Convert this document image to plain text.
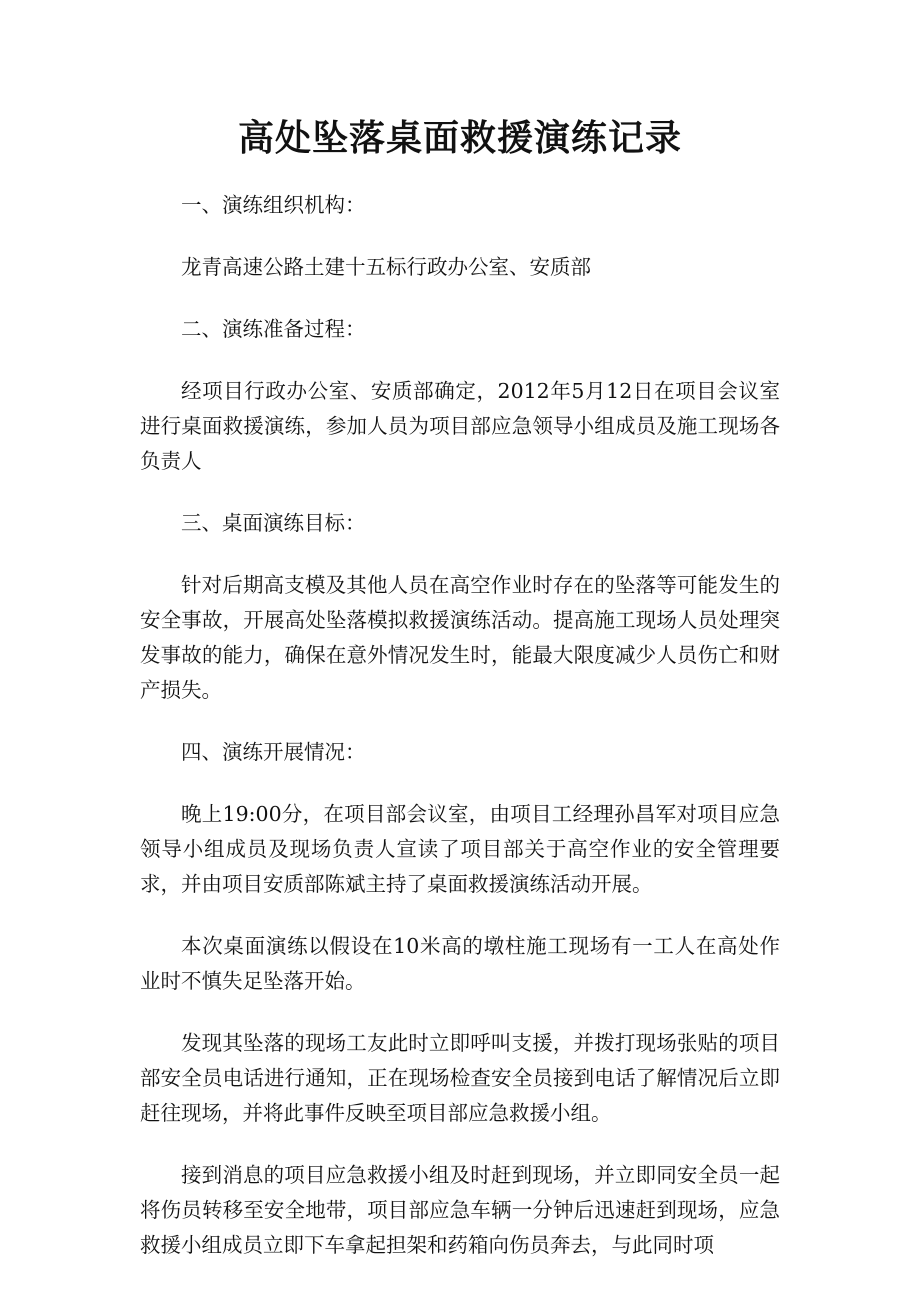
高处坠落桌面救援演练记录

一、演练组织机构：

龙青高速公路土建十五标行政办公室、安质部

二、演练准备过程：

经项目行政办公室、安质部确定，2012年5月12日在项目会议室进行桌面救援演练，参加人员为项目部应急领导小组成员及施工现场各负责人

三、桌面演练目标：

针对后期高支模及其他人员在高空作业时存在的坠落等可能发生的安全事故，开展高处坠落模拟救援演练活动。提高施工现场人员处理突发事故的能力，确保在意外情况发生时，能最大限度减少人员伤亡和财产损失。

四、演练开展情况：

晚上19:00分，在项目部会议室，由项目工经理孙昌军对项目应急领导小组成员及现场负责人宣读了项目部关于高空作业的安全管理要求，并由项目安质部陈斌主持了桌面救援演练活动开展。

本次桌面演练以假设在10米高的墩柱施工现场有一工人在高处作业时不慎失足坠落开始。

发现其坠落的现场工友此时立即呼叫支援，并拨打现场张贴的项目部安全员电话进行通知，正在现场检查安全员接到电话了解情况后立即赶往现场，并将此事件反映至项目部应急救援小组。

接到消息的项目应急救援小组及时赶到现场，并立即同安全员一起将伤员转移至安全地带，项目部应急车辆一分钟后迅速赶到现场，应急救援小组成员立即下车拿起担架和药箱向伤员奔去，与此同时项
